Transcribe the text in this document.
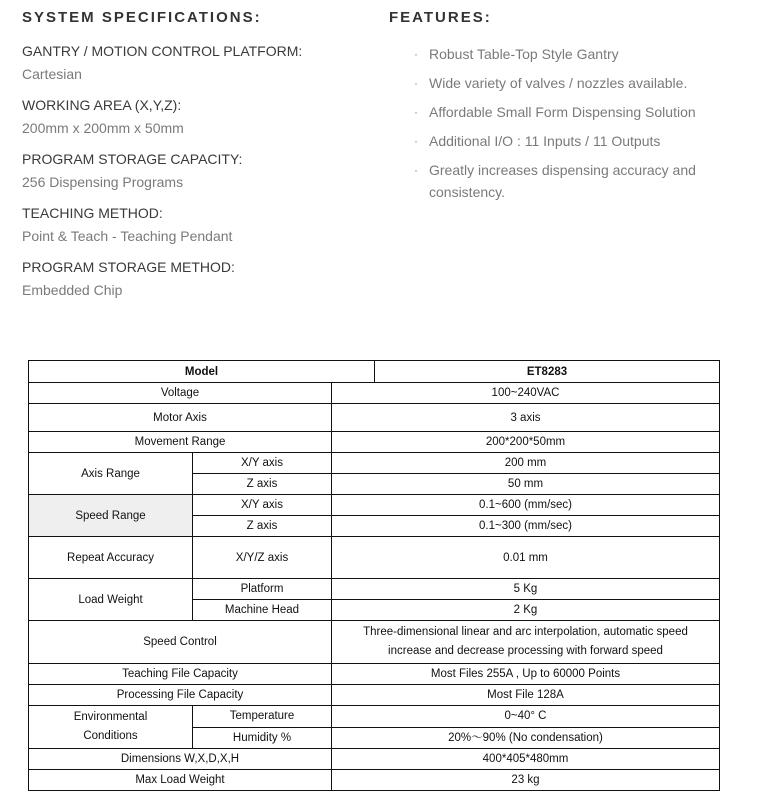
SYSTEM SPECIFICATIONS:
GANTRY / MOTION CONTROL PLATFORM:
Cartesian
WORKING AREA (X,Y,Z):
200mm x 200mm x 50mm
PROGRAM STORAGE CAPACITY:
256 Dispensing Programs
TEACHING METHOD:
Point & Teach - Teaching Pendant
PROGRAM STORAGE METHOD:
Embedded Chip
FEATURES:
· Robust Table-Top Style Gantry
· Wide variety of valves / nozzles available.
· Affordable Small Form Dispensing Solution
· Additional I/O : 11 Inputs / 11 Outputs
· Greatly increases dispensing accuracy and consistency.
Model			ET8283
Voltage		100~240VAC	
Motor Axis		3 axis	
Movement Range		200*200*50mm	
Axis Range	X/Y axis	200 mm	
	Z axis	50 mm	
Speed Range	X/Y axis	0.1~600 (mm/sec)	
	Z axis	0.1~300 (mm/sec)	
Repeat Accuracy	X/Y/Z axis	0.01 mm	
Load Weight	Platform	5 Kg	
	Machine Head	2 Kg	
Speed Control		Three-dimensional linear and arc interpolation, automatic speed
increase and decrease processing with forward speed	

Teaching File Capacity		Most Files 255A , Up to 60000 Points	
Processing File Capacity		Most File 128A	

Environmental
Conditions	Temperature	0~40° C	
	Humidity %	20%～90% (No condensation)	
Dimensions W,X,D,X,H		400*405*480mm	
Max Load Weight		23 kg	
